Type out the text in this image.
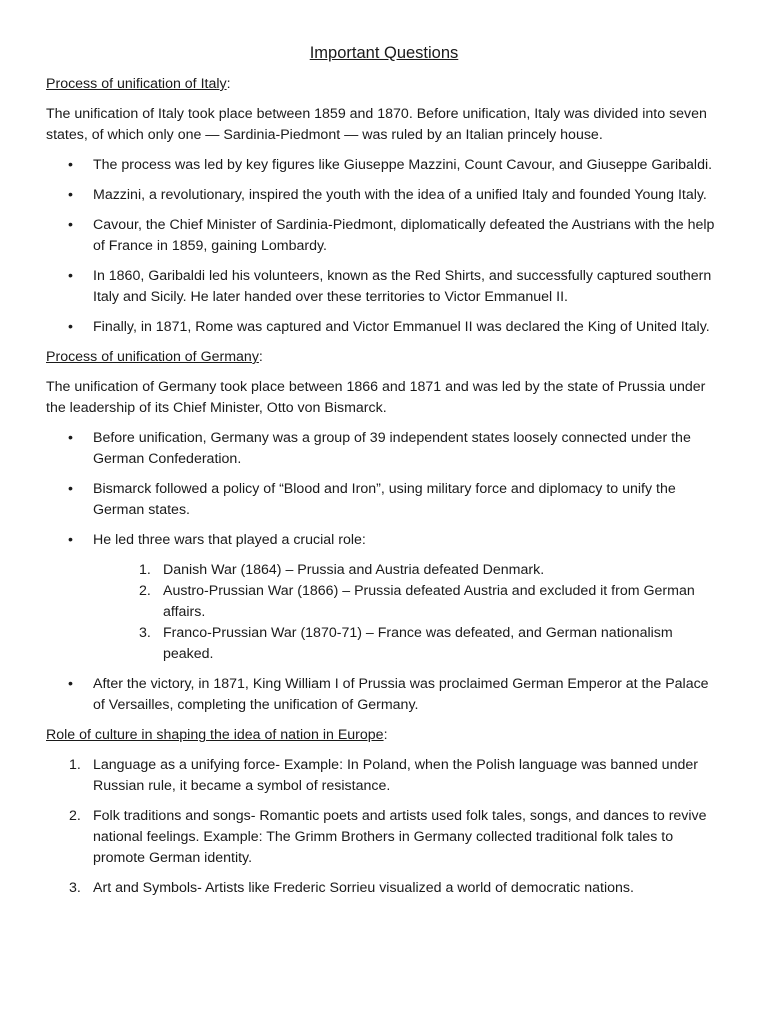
Important Questions
Process of unification of Italy:

The unification of Italy took place between 1859 and 1870. Before unification, Italy was divided into seven states, of which only one — Sardinia-Piedmont — was ruled by an Italian princely house.

• The process was led by key figures like Giuseppe Mazzini, Count Cavour, and Giuseppe Garibaldi.
• Mazzini, a revolutionary, inspired the youth with the idea of a unified Italy and founded Young Italy.
• Cavour, the Chief Minister of Sardinia-Piedmont, diplomatically defeated the Austrians with the help of France in 1859, gaining Lombardy.
• In 1860, Garibaldi led his volunteers, known as the Red Shirts, and successfully captured southern Italy and Sicily. He later handed over these territories to Victor Emmanuel II.
• Finally, in 1871, Rome was captured and Victor Emmanuel II was declared the King of United Italy.
Process of unification of Germany:

The unification of Germany took place between 1866 and 1871 and was led by the state of Prussia under the leadership of its Chief Minister, Otto von Bismarck.

• Before unification, Germany was a group of 39 independent states loosely connected under the German Confederation.
• Bismarck followed a policy of “Blood and Iron”, using military force and diplomacy to unify the German states.
• He led three wars that played a crucial role:
1. Danish War (1864) – Prussia and Austria defeated Denmark.
2. Austro-Prussian War (1866) – Prussia defeated Austria and excluded it from German affairs.
3. Franco-Prussian War (1870-71) – France was defeated, and German nationalism peaked.
• After the victory, in 1871, King William I of Prussia was proclaimed German Emperor at the Palace of Versailles, completing the unification of Germany.
Role of culture in shaping the idea of nation in Europe:
1. Language as a unifying force- Example: In Poland, when the Polish language was banned under Russian rule, it became a symbol of resistance.
2. Folk traditions and songs- Romantic poets and artists used folk tales, songs, and dances to revive national feelings. Example: The Grimm Brothers in Germany collected traditional folk tales to promote German identity.
3. Art and Symbols- Artists like Frederic Sorrieu visualized a world of democratic nations.
